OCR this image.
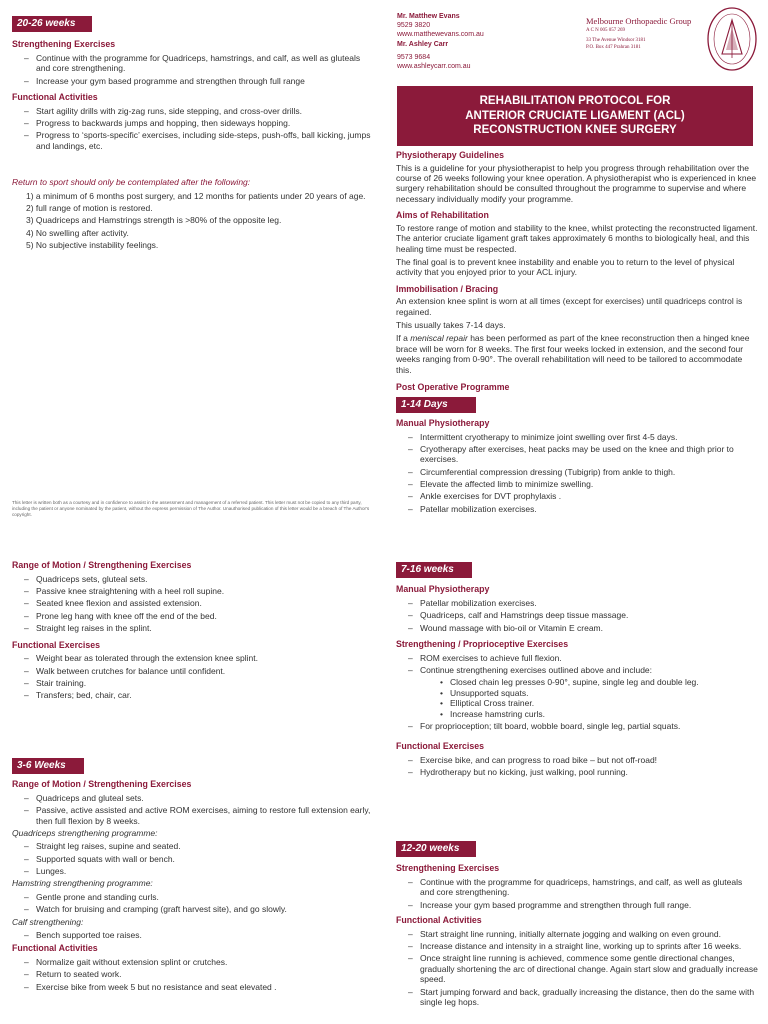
Mr. Matthew Evans
9529 3820
www.matthewevans.com.au
Mr. Ashley Carr
9573 9684
www.ashleycarr.com.au
Melbourne Orthopaedic Group
A C N 005 057 269
33 The Avenue Windsor 3181
P.O. Box 447 Prahran 3181
REHABILITATION PROTOCOL FOR
ANTERIOR CRUCIATE LIGAMENT (ACL)
RECONSTRUCTION KNEE SURGERY
20-26 weeks
Strengthening Exercises
– Continue with the programme for Quadriceps, hamstrings, and calf, as well as gluteals and core strengthening.
– Increase your gym based programme and strengthen through full range
Functional Activities
– Start agility drills with zig-zag runs, side stepping, and cross-over drills.
– Progress to backwards jumps and hopping, then sideways hopping.
– Progress to ‘sports-specific’ exercises, including side-steps, push-offs, ball kicking, jumps and landings, etc.
Return to sport should only be contemplated after the following:
1) a minimum of 6 months post surgery, and 12 months for patients under 20 years of age.
2) full range of motion is restored.
3) Quadriceps and Hamstrings strength is >80% of the opposite leg.
4) No swelling after activity.
5) No subjective instability feelings.
This letter is written both as a courtesy and in confidence to assist in the assessment and management of a referred patient. This letter must not be copied to any third party, including the patient or anyone nominated by the patient, without the express permission of The Author. Unauthorised publication of this letter would be a breach of The Author's copyright.
Range of Motion / Strengthening Exercises
– Quadriceps sets, gluteal sets.
– Passive knee straightening with a heel roll supine.
– Seated knee flexion and assisted extension.
– Prone leg hang with knee off the end of the bed.
– Straight leg raises in the splint.
Functional Exercises
– Weight bear as tolerated through the extension knee splint.
– Walk between crutches for balance until confident.
– Stair training.
– Transfers; bed, chair, car.
3-6 Weeks
Range of Motion / Strengthening Exercises
– Quadriceps and gluteal sets.
– Passive, active assisted and active ROM exercises, aiming to restore full extension early, then full flexion by 8 weeks.
Quadriceps strengthening programme:
– Straight leg raises, supine and seated.
– Supported squats with wall or bench.
– Lunges.
Hamstring strengthening programme:
– Gentle prone and standing curls.
– Watch for bruising and cramping (graft harvest site), and go slowly.
Calf strengthening:
– Bench supported toe raises.
Functional Activities
– Normalize gait without extension splint or crutches.
– Return to seated work.
– Exercise bike from week 5 but no resistance and seat elevated .
Physiotherapy Guidelines

This is a guideline for your physiotherapist to help you progress through rehabilitation over the course of 26 weeks following your knee operation. A physiotherapist who is experienced in knee surgery rehabilitation should be consulted throughout the programme to supervise and where necessary individually modify your programme.

Aims of Rehabilitation

To restore range of motion and stability to the knee, whilst protecting the reconstructed ligament. The anterior cruciate ligament graft takes approximately 6 months to biologically heal, and this healing time must be respected.

The final goal is to prevent knee instability and enable you to return to the level of physical activity that you enjoyed prior to your ACL injury.

Immobilisation / Bracing

An extension knee splint is worn at all times (except for exercises) until quadriceps control is regained.

This usually takes 7-14 days.

If a meniscal repair has been performed as part of the knee reconstruction then a hinged knee brace will be worn for 8 weeks. The first four weeks locked in extension, and the second four weeks ranging from 0-90°. The overall rehabilitation will need to be tailored to accommodate this.

Post Operative Programme
1-14 Days
Manual Physiotherapy
– Intermittent cryotherapy to minimize joint swelling over first 4-5 days.
– Cryotherapy after exercises, heat packs may be used on the knee and thigh prior to exercises.
– Circumferential compression dressing (Tubigrip) from ankle to thigh.
– Elevate the affected limb to minimize swelling.
– Ankle exercises for DVT prophylaxis .
– Patellar mobilization exercises.
7-16 weeks
Manual Physiotherapy
– Patellar mobilization exercises.
– Quadriceps, calf and Hamstrings deep tissue massage.
– Wound massage with bio-oil or Vitamin E cream.
Strengthening / Proprioceptive Exercises
– ROM exercises to achieve full flexion.
– Continue strengthening exercises outlined above and include:
• Closed chain leg presses 0-90°, supine, single leg and double leg.
• Unsupported squats.
• Elliptical Cross trainer.
• Increase hamstring curls.
– For proprioception; tilt board, wobble board, single leg, partial squats.
Functional Exercises
– Exercise bike, and can progress to road bike – but not off-road!
– Hydrotherapy but no kicking, just walking, pool running.
12-20 weeks
Strengthening Exercises
– Continue with the programme for quadriceps, hamstrings, and calf, as well as gluteals and core strengthening.
– Increase your gym based programme and strengthen through full range.
Functional Activities
– Start straight line running, initially alternate jogging and walking on even ground.
– Increase distance and intensity in a straight line, working up to sprints after 16 weeks.
– Once straight line running is achieved, commence some gentle directional changes, gradually shortening the arc of directional change. Again start slow and gradually increase speed.
– Start jumping forward and back, gradually increasing the distance, then do the same with single leg hops.
